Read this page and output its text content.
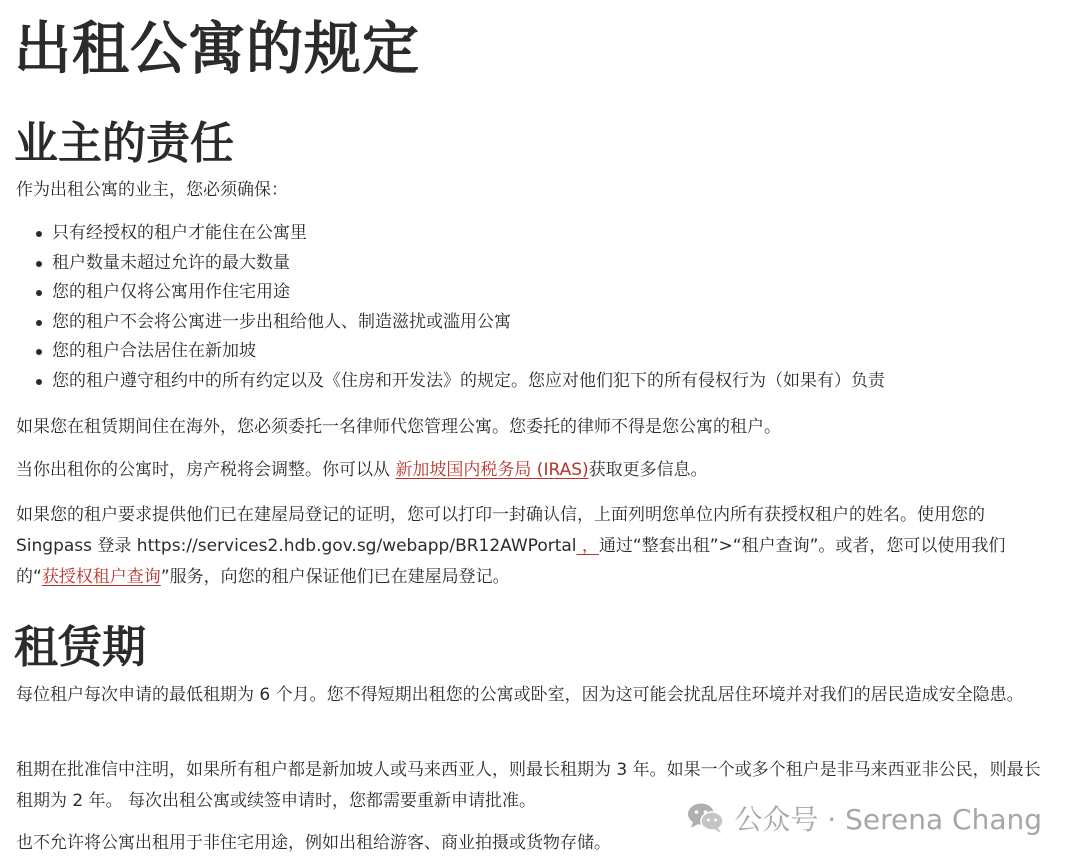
出租公寓的规定
业主的责任

作为出租公寓的业主，您必须确保：

只有经授权的租户才能住在公寓里
租户数量未超过允许的最大数量
您的租户仅将公寓用作住宅用途
您的租户不会将公寓进一步出租给他人、制造滋扰或滥用公寓
您的租户合法居住在新加坡
您的租户遵守租约中的所有约定以及《住房和开发法》的规定。您应对他们犯下的所有侵权行为（如果有）负责

如果您在租赁期间住在海外，您必须委托一名律师代您管理公寓。您委托的律师不得是您公寓的租户。

当你出租你的公寓时，房产税将会调整。你可以从 新加坡国内税务局 (IRAS)获取更多信息。

如果您的租户要求提供他们已在建屋局登记的证明，您可以打印一封确认信，上面列明您单位内所有获授权租户的姓名。使用您的 Singpass 登录 https://services2.hdb.gov.sg/webapp/BR12AWPortal ，通过“整套出租”>“租户查询”。或者，您可以使用我们的“获授权租户查询”服务，向您的租户保证他们已在建屋局登记。

租赁期

每位租户每次申请的最低租期为 6 个月。您不得短期出租您的公寓或卧室，因为这可能会扰乱居住环境并对我们的居民造成安全隐患。

租期在批准信中注明，如果所有租户都是新加坡人或马来西亚人，则最长租期为 3 年。如果一个或多个租户是非马来西亚非公民，则最长租期为 2 年。 每次出租公寓或续签申请时，您都需要重新申请批准。

也不允许将公寓出租用于非住宅用途，例如出租给游客、商业拍摄或货物存储。

公众号 · Serena Chang
